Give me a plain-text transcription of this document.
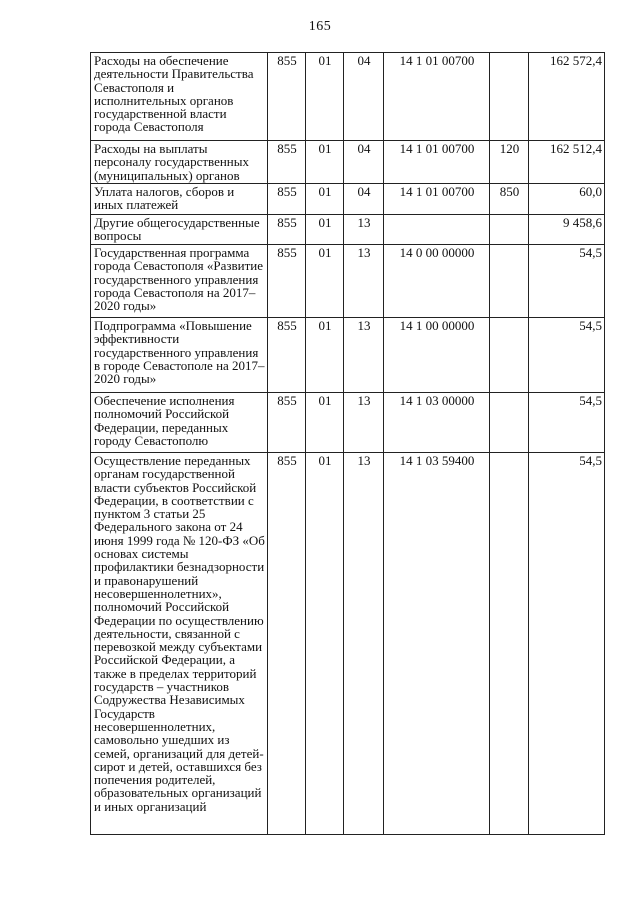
165
Расходы на обеспечение деятельности Правительства Севастополя и исполнительных органов государственной власти города Севастополя	855	01	04	14 1 01 00700		162 572,4
Расходы на выплаты персоналу государственных (муниципальных) органов	855	01	04	14 1 01 00700	120	162 512,4
Уплата налогов, сборов и иных платежей	855	01	04	14 1 01 00700	850	60,0
Другие общегосударственные вопросы	855	01	13			9 458,6
Государственная программа города Севастополя «Развитие государственного управления города Севастополя на 2017–2020 годы»	855	01	13	14 0 00 00000		54,5
Подпрограмма «Повышение эффективности государственного управления в городе Севастополе на 2017–2020 годы»	855	01	13	14 1 00 00000		54,5
Обеспечение исполнения полномочий Российской Федерации, переданных городу Севастополю	855	01	13	14 1 03 00000		54,5
Осуществление переданных органам государственной власти субъектов Российской Федерации, в соответствии с пунктом 3 статьи 25 Федерального закона от 24 июня 1999 года № 120-ФЗ «Об основах системы профилактики безнадзорности и правонарушений несовершеннолетних», полномочий Российской Федерации по осуществлению деятельности, связанной с перевозкой между субъектами Российской Федерации, а также в пределах территорий государств – участников Содружества Независимых Государств несовершеннолетних, самовольно ушедших из семей, организаций для детей-сирот и детей, оставшихся без попечения родителей, образовательных организаций и иных организаций	855	01	13	14 1 03 59400		54,5
